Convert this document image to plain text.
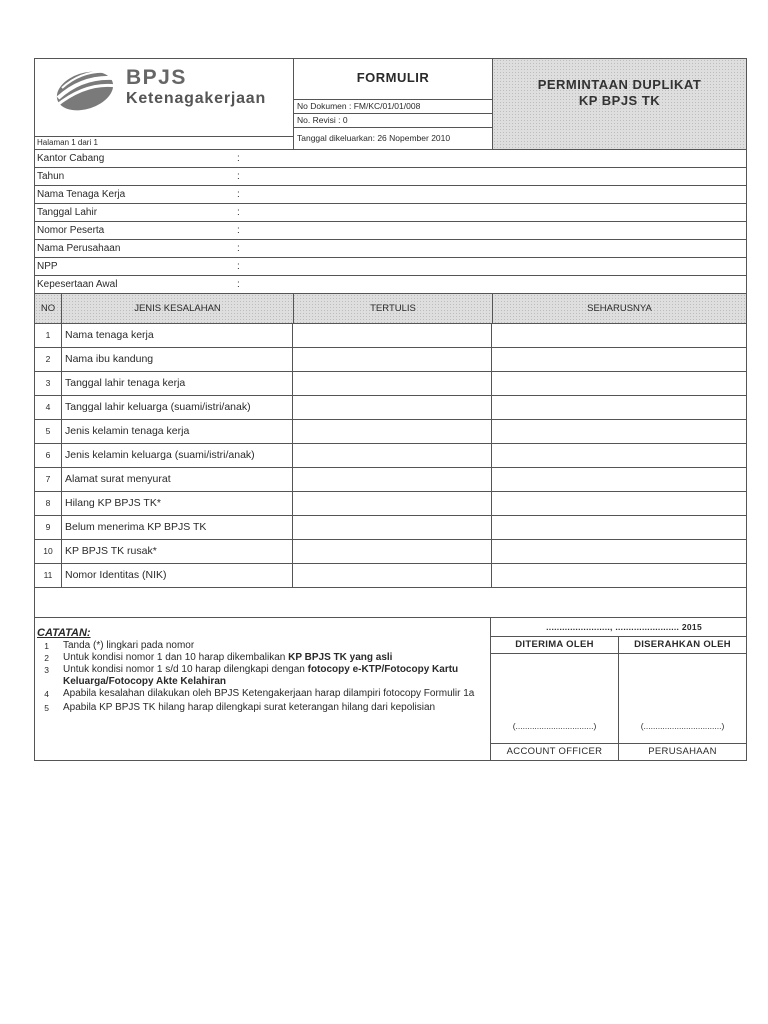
BPJS
Ketenagakerjaan
Halaman 1 dari 1
FORMULIR
No Dokumen : FM/KC/01/01/008
No. Revisi : 0
Tanggal dikeluarkan: 26 Nopember 2010
PERMINTAAN DUPLIKAT
KP BPJS TK
Kantor Cabang	:
Tahun	:
Nama Tenaga Kerja	:
Tanggal Lahir	:
Nomor Peserta	:
Nama Perusahaan	:
NPP	:
Kepesertaan Awal	:
NO	JENIS KESALAHAN	TERTULIS	SEHARUSNYA
1	Nama tenaga kerja
2	Nama ibu kandung
3	Tanggal lahir tenaga kerja
4	Tanggal lahir keluarga (suami/istri/anak)
5	Jenis kelamin tenaga kerja
6	Jenis kelamin keluarga (suami/istri/anak)
7	Alamat surat menyurat
8	Hilang KP BPJS TK*
9	Belum menerima KP BPJS TK
10	KP BPJS TK rusak*
11	Nomor Identitas (NIK)
CATATAN:
1 Tanda (*) lingkari pada nomor
2 Untuk kondisi nomor 1 dan 10 harap dikembalikan KP BPJS TK yang asli
3 Untuk kondisi nomor 1 s/d 10 harap dilengkapi dengan fotocopy e-KTP/Fotocopy Kartu Keluarga/Fotocopy Akte Kelahiran
4 Apabila kesalahan dilakukan oleh BPJS Ketengakerjaan harap dilampiri fotocopy Formulir 1a
5 Apabila KP BPJS TK hilang harap dilengkapi surat keterangan hilang dari kepolisian
........................, ........................ 2015
DITERIMA OLEH
(.................................)
ACCOUNT OFFICER
DISERAHKAN OLEH
(.................................)
PERUSAHAAN
